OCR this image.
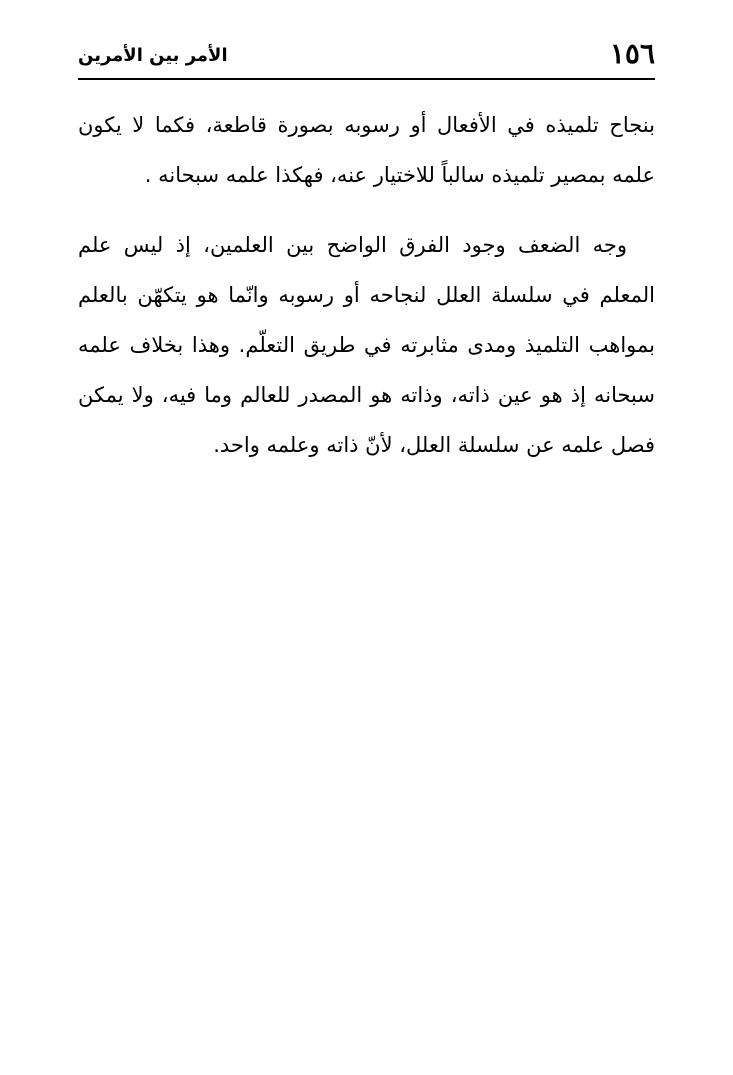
١٥٦
الأمر بين الأمرين

بنجاح تلميذه في الأفعال أو رسوبه بصورة قاطعة، فكما لا يكون علمه بمصير تلميذه سالباً للاختيار عنه، فهكذا علمه سبحانه .

وجه الضعف وجود الفرق الواضح بين العلمين، إذ ليس علم المعلم في سلسلة العلل لنجاحه أو رسوبه وانّما هو يتكهّن بالعلم بمواهب التلميذ ومدى مثابرته في طريق التعلّم. وهذا بخلاف علمه سبحانه إذ هو عين ذاته، وذاته هو المصدر للعالم وما فيه، ولا يمكن فصل علمه عن سلسلة العلل، لأنّ ذاته وعلمه واحد.
